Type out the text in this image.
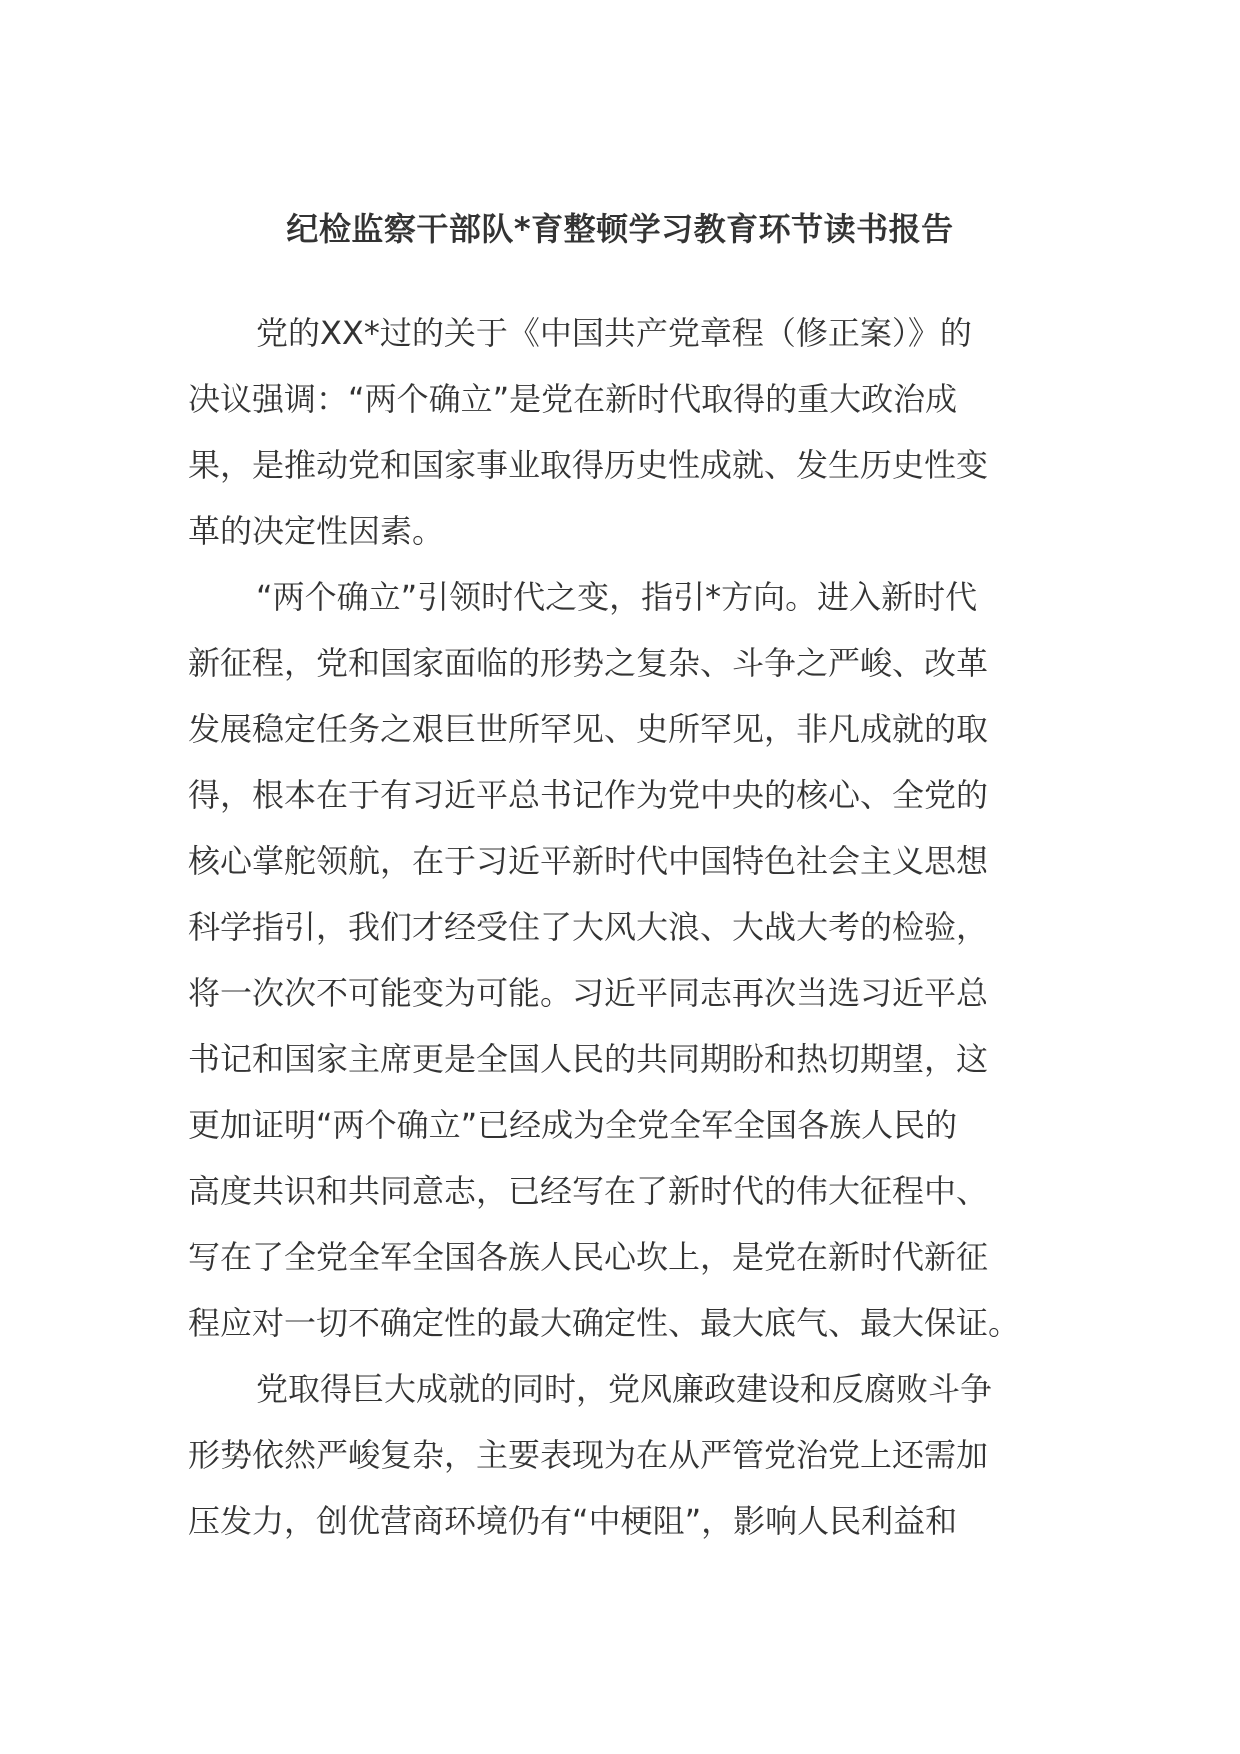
纪检监察干部队*育整顿学习教育环节读书报告
党的XX*过的关于《中国共产党章程（修正案）》的
决议强调：“两个确立”是党在新时代取得的重大政治成
果，是推动党和国家事业取得历史性成就、发生历史性变
革的决定性因素。
“两个确立”引领时代之变，指引*方向。进入新时代
新征程，党和国家面临的形势之复杂、斗争之严峻、改革
发展稳定任务之艰巨世所罕见、史所罕见，非凡成就的取
得，根本在于有习近平总书记作为党中央的核心、全党的
核心掌舵领航，在于习近平新时代中国特色社会主义思想
科学指引，我们才经受住了大风大浪、大战大考的检验，
将一次次不可能变为可能。习近平同志再次当选习近平总
书记和国家主席更是全国人民的共同期盼和热切期望，这
更加证明“两个确立”已经成为全党全军全国各族人民的
高度共识和共同意志，已经写在了新时代的伟大征程中、
写在了全党全军全国各族人民心坎上，是党在新时代新征
程应对一切不确定性的最大确定性、最大底气、最大保证。
党取得巨大成就的同时，党风廉政建设和反腐败斗争
形势依然严峻复杂，主要表现为在从严管党治党上还需加
压发力，创优营商环境仍有“中梗阻”，影响人民利益和
